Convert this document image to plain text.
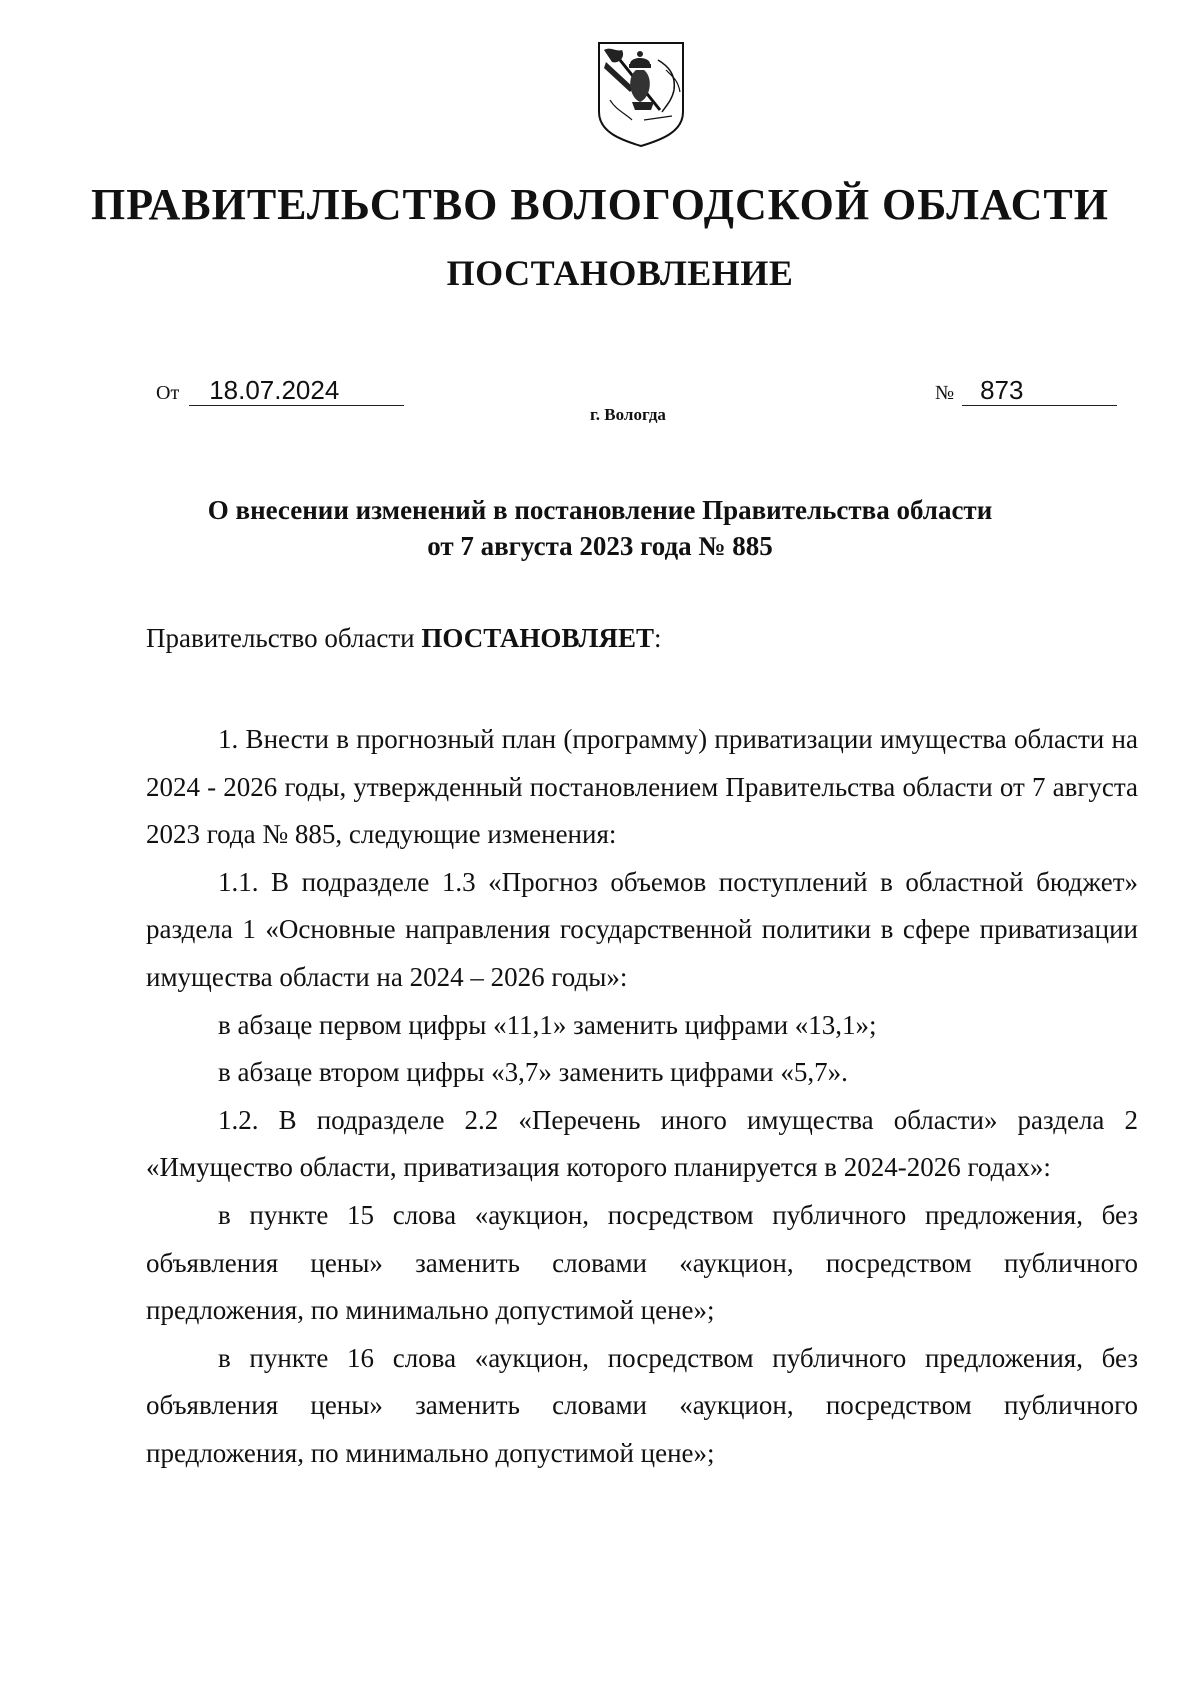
ПРАВИТЕЛЬСТВО ВОЛОГОДСКОЙ ОБЛАСТИ
ПОСТАНОВЛЕНИЕ
От 18.07.2024	№ 873
г. Вологда
О внесении изменений в постановление Правительства области
от 7 августа 2023 года № 885
Правительство области ПОСТАНОВЛЯЕТ:

1. Внести в прогнозный план (программу) приватизации имущества области на 2024 - 2026 годы, утвержденный постановлением Правительства области от 7 августа 2023 года № 885, следующие изменения:

1.1. В подразделе 1.3 «Прогноз объемов поступлений в областной бюджет» раздела 1 «Основные направления государственной политики в сфере приватизации имущества области на 2024 – 2026 годы»:

в абзаце первом цифры «11,1» заменить цифрами «13,1»;

в абзаце втором цифры «3,7» заменить цифрами «5,7».

1.2. В подразделе 2.2 «Перечень иного имущества области» раздела 2 «Имущество области, приватизация которого планируется в 2024-2026 годах»:

в пункте 15 слова «аукцион, посредством публичного предложения, без объявления цены» заменить словами «аукцион, посредством публичного предложения, по минимально допустимой цене»;

в пункте 16 слова «аукцион, посредством публичного предложения, без объявления цены» заменить словами «аукцион, посредством публичного предложения, по минимально допустимой цене»;
